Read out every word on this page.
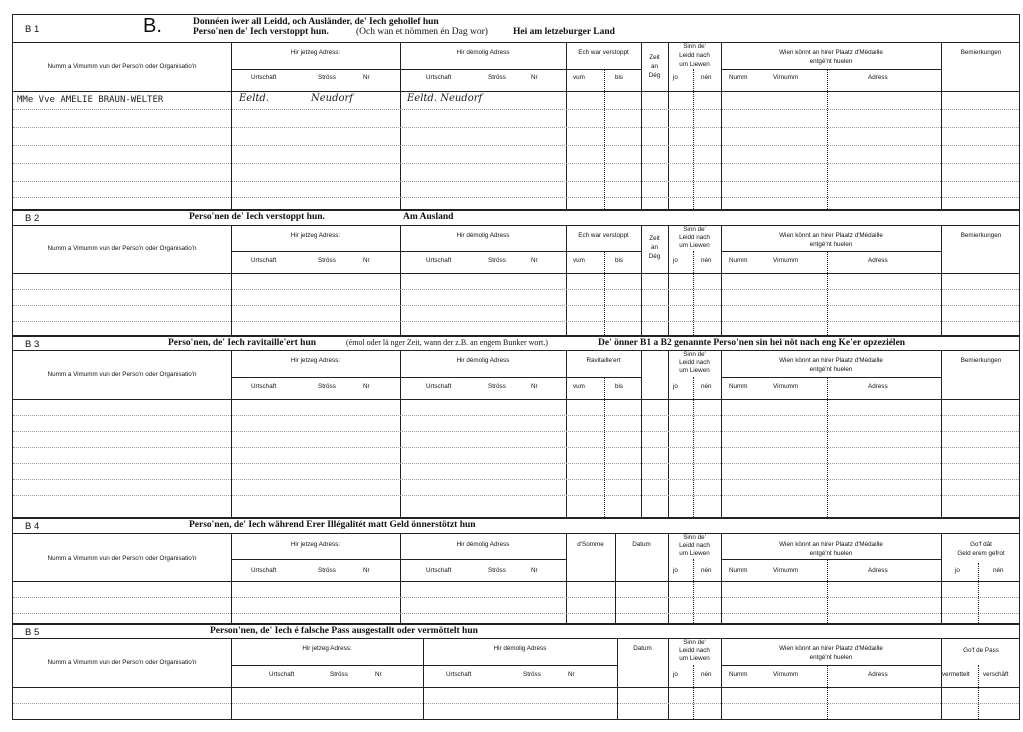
B 1	B.	Donnéen iwer all Leidd, och Ausländer, de' Iech gehollef hun
Perso'nen de' Iech verstoppt hun.	(Och wan et nömmen én Dag wor)	Hei am letzeburger Land
Numm a Vimumm vun der Perso'n oder Organisatio'n
Hir jetzeg Adress:
Urtschaft	Ströss	Nr
Hir démolig Adress
Urtschaft	Ströss	Nr
Ech war verstoppt
vum	bis
Zeit
an
Dég
Sinn de'
Leidd nach
um Liewen
jo	nén
Wien könnt an hirer Plaatz d'Médaille
entgé'nt huelen
Numm	Virnumm	Adress
Bemierkungen
MMe Vve AMELIE BRAUN-WELTER	Eeltd.	Neudorf	Eeltd. Neudorf
B 2	Perso'nen de' Iech verstoppt hun.	Am Ausland
Numm a Vimumm vun der Perso'n oder Organisatio'n
Hir jetzeg Adress:
Urtschaft	Ströss	Nr
Hir démolig Adress
Urtschaft	Ströss	Nr
Ech war verstoppt
vum	bis
Zeit
an
Dég
Sinn de'
Leidd nach
um Liewen
jo	nén
Wien könnt an hirer Plaatz d'Médaille
entgé'nt huelen
Numm	Virnumm	Adress
Bemierkungen
B 3	Perso'nen, de' Iech ravitaille'ert hun	(émol oder lä nger Zeit, wann der z.B. an engem Bunker wort.)	De' önner B1 a B2 genannte Perso'nen sin hei nöt nach eng Ke'er opzeziélen
Numm a Vimumm vun der Perso'n oder Organisatio'n
Hir jetzeg Adress:
Urtschaft	Ströss	Nr
Hir démolig Adress
Urtschaft	Ströss	Nr
Ravitaille'ert
vum	bis
Sinn de'
Leidd nach
um Liewen
jo	nén
Wien könnt an hirer Plaatz d'Médaille
entgé'nt huelen
Numm	Virnumm	Adress
Bemierkungen
B 4	Perso'nen, de' Iech während Erer Illégalitét matt Geld önnerstötzt hun
Numm a Vimumm vun der Perso'n oder Organisatio'n
Hir jetzeg Adress:
Urtschaft	Ströss	Nr
Hir démolig Adress
Urtschaft	Ströss	Nr
d'Somme	Datum
Sinn de'
Leidd nach
um Liewen
jo	nén
Wien könnt an hirer Plaatz d'Médaille
entgé'nt huelen
Numm	Virnumm	Adress
Go'f dât
Geld erem gefrot
jo	nén
B 5	Person'nen, de' Iech é falsche Pass ausgestallt oder vermöttelt hun
Numm a Vimumm vun der Perso'n oder Organisatio'n
Hir jetzeg Adress:
Urtschaft	Ströss	Nr
Hir démolig Adress
Urtschaft	Ströss	Nr
Datum
Sinn de'
Leidd nach
um Liewen
jo	nén
Wien könnt an hirer Plaatz d'Médaille
entgé'nt huelen
Numm	Virnumm	Adress
Go'f de Pass
vermettelt verschâft
